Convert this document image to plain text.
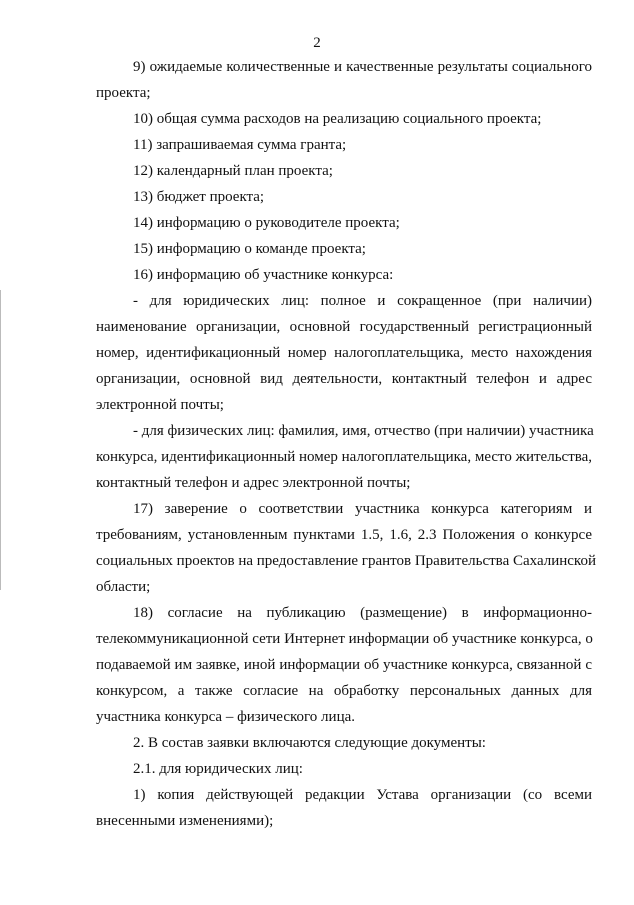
2
9) ожидаемые количественные и качественные результаты социального
проекта;
10) общая сумма расходов на реализацию социального проекта;
11) запрашиваемая сумма гранта;
12) календарный план проекта;
13) бюджет проекта;
14) информацию о руководителе проекта;
15) информацию о команде проекта;
16) информацию об участнике конкурса:
- для юридических лиц: полное и сокращенное (при наличии)
наименование организации, основной государственный регистрационный
номер, идентификационный номер налогоплательщика, место нахождения
организации, основной вид деятельности, контактный телефон и адрес
электронной почты;
- для физических лиц: фамилия, имя, отчество (при наличии) участника
конкурса, идентификационный номер налогоплательщика, место жительства,
контактный телефон и адрес электронной почты;
17) заверение о соответствии участника конкурса категориям и
требованиям, установленным пунктами 1.5, 1.6, 2.3 Положения о конкурсе
социальных проектов на предоставление грантов Правительства Сахалинской
области;
18) согласие на публикацию (размещение) в информационно-
телекоммуникационной сети Интернет информации об участнике конкурса, о
подаваемой им заявке, иной информации об участнике конкурса, связанной с
конкурсом, а также согласие на обработку персональных данных для
участника конкурса – физического лица.
2. В состав заявки включаются следующие документы:
2.1. для юридических лиц:
1) копия действующей редакции Устава организации (со всеми
внесенными изменениями);
